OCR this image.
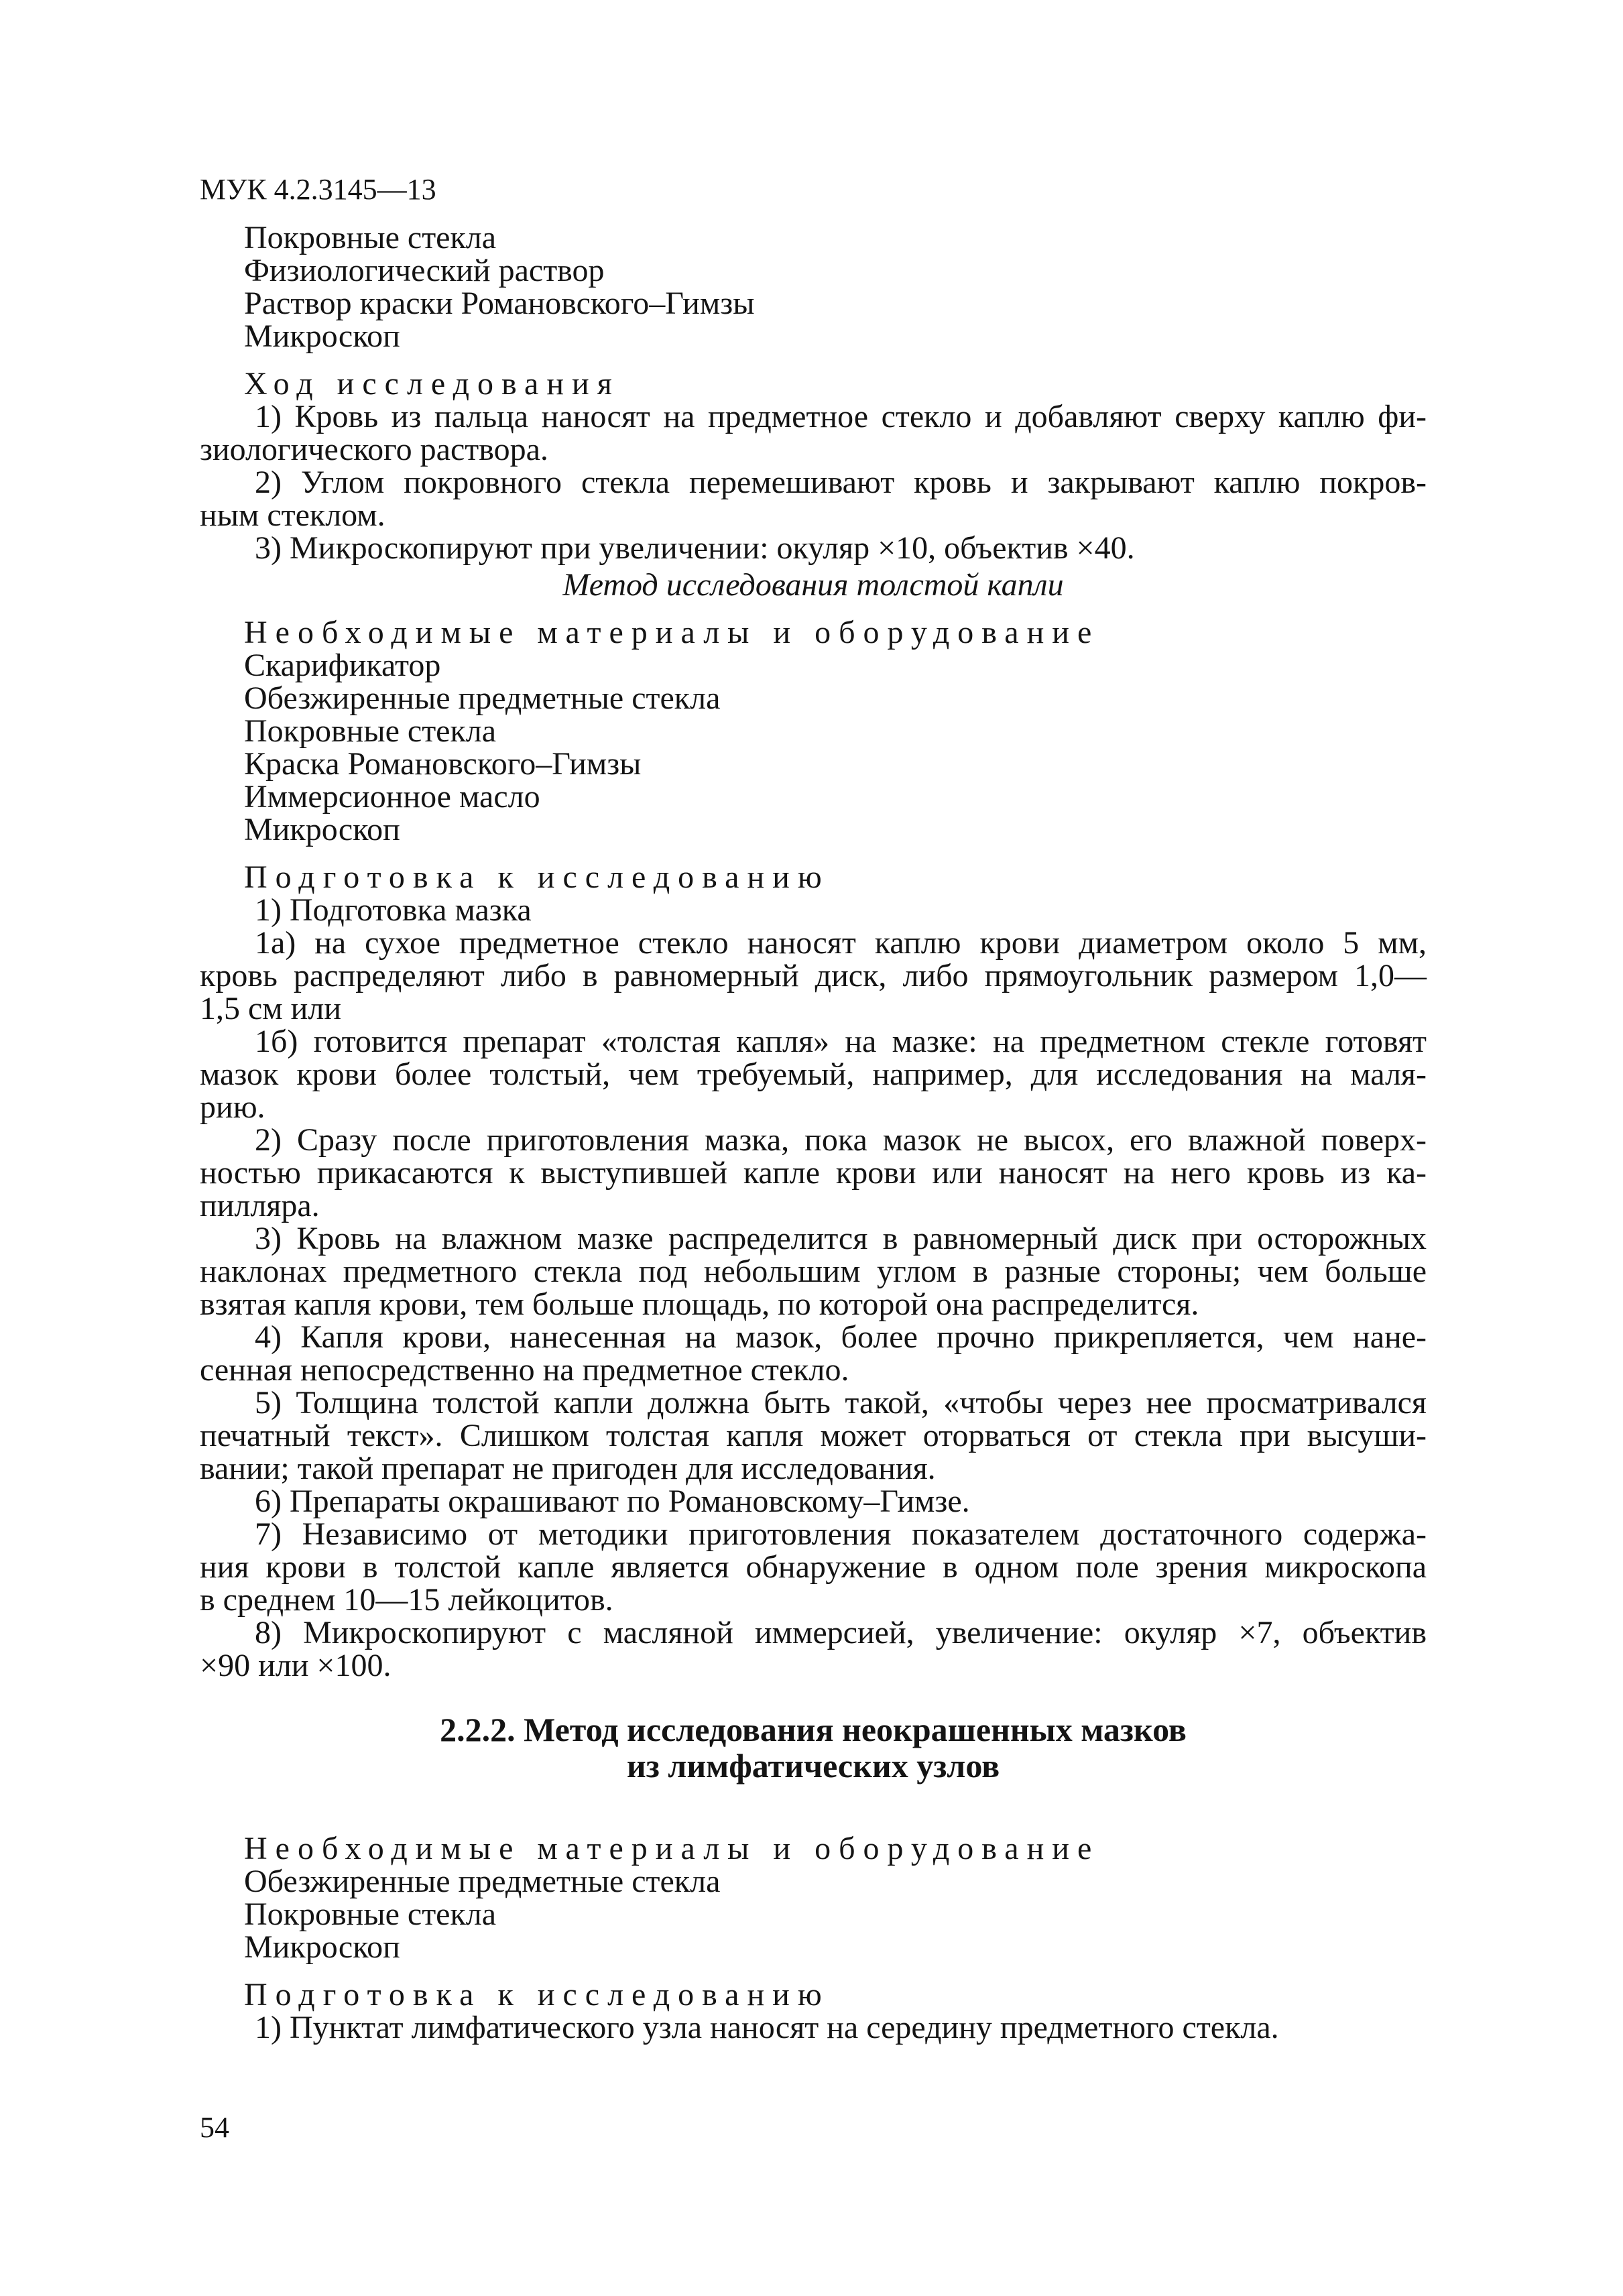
МУК 4.2.3145—13
Покровные стекла
Физиологический раствор
Раствор краски Романовского–Гимзы
Микроскоп
Ход исследования
1) Кровь из пальца наносят на предметное стекло и добавляют сверху каплю фи-
зиологического раствора.
2) Углом покровного стекла перемешивают кровь и закрывают каплю покров-
ным стеклом.
3) Микроскопируют при увеличении: окуляр ×10, объектив ×40.
Метод исследования толстой капли
Необходимые материалы и оборудование
Скарификатор
Обезжиренные предметные стекла
Покровные стекла
Краска Романовского–Гимзы
Иммерсионное масло
Микроскоп
Подготовка к исследованию
1) Подготовка мазка
1а) на сухое предметное стекло наносят каплю крови диаметром около 5 мм,
кровь распределяют либо в равномерный диск, либо прямоугольник размером 1,0—
1,5 см или
1б) готовится препарат «толстая капля» на мазке: на предметном стекле готовят
мазок крови более толстый, чем требуемый, например, для исследования на маля-
рию.
2) Сразу после приготовления мазка, пока мазок не высох, его влажной поверх-
ностью прикасаются к выступившей капле крови или наносят на него кровь из ка-
пилляра.
3) Кровь на влажном мазке распределится в равномерный диск при осторожных
наклонах предметного стекла под небольшим углом в разные стороны; чем больше
взятая капля крови, тем больше площадь, по которой она распределится.
4) Капля крови, нанесенная на мазок, более прочно прикрепляется, чем нане-
сенная непосредственно на предметное стекло.
5) Толщина толстой капли должна быть такой, «чтобы через нее просматривался
печатный текст». Слишком толстая капля может оторваться от стекла при высуши-
вании; такой препарат не пригоден для исследования.
6) Препараты окрашивают по Романовскому–Гимзе.
7) Независимо от методики приготовления показателем достаточного содержа-
ния крови в толстой капле является обнаружение в одном поле зрения микроскопа
в среднем 10—15 лейкоцитов.
8) Микроскопируют с масляной иммерсией, увеличение: окуляр ×7, объектив
×90 или ×100.
2.2.2. Метод исследования неокрашенных мазков
из лимфатических узлов
Необходимые материалы и оборудование
Обезжиренные предметные стекла
Покровные стекла
Микроскоп
Подготовка к исследованию
1) Пунктат лимфатического узла наносят на середину предметного стекла.
54
